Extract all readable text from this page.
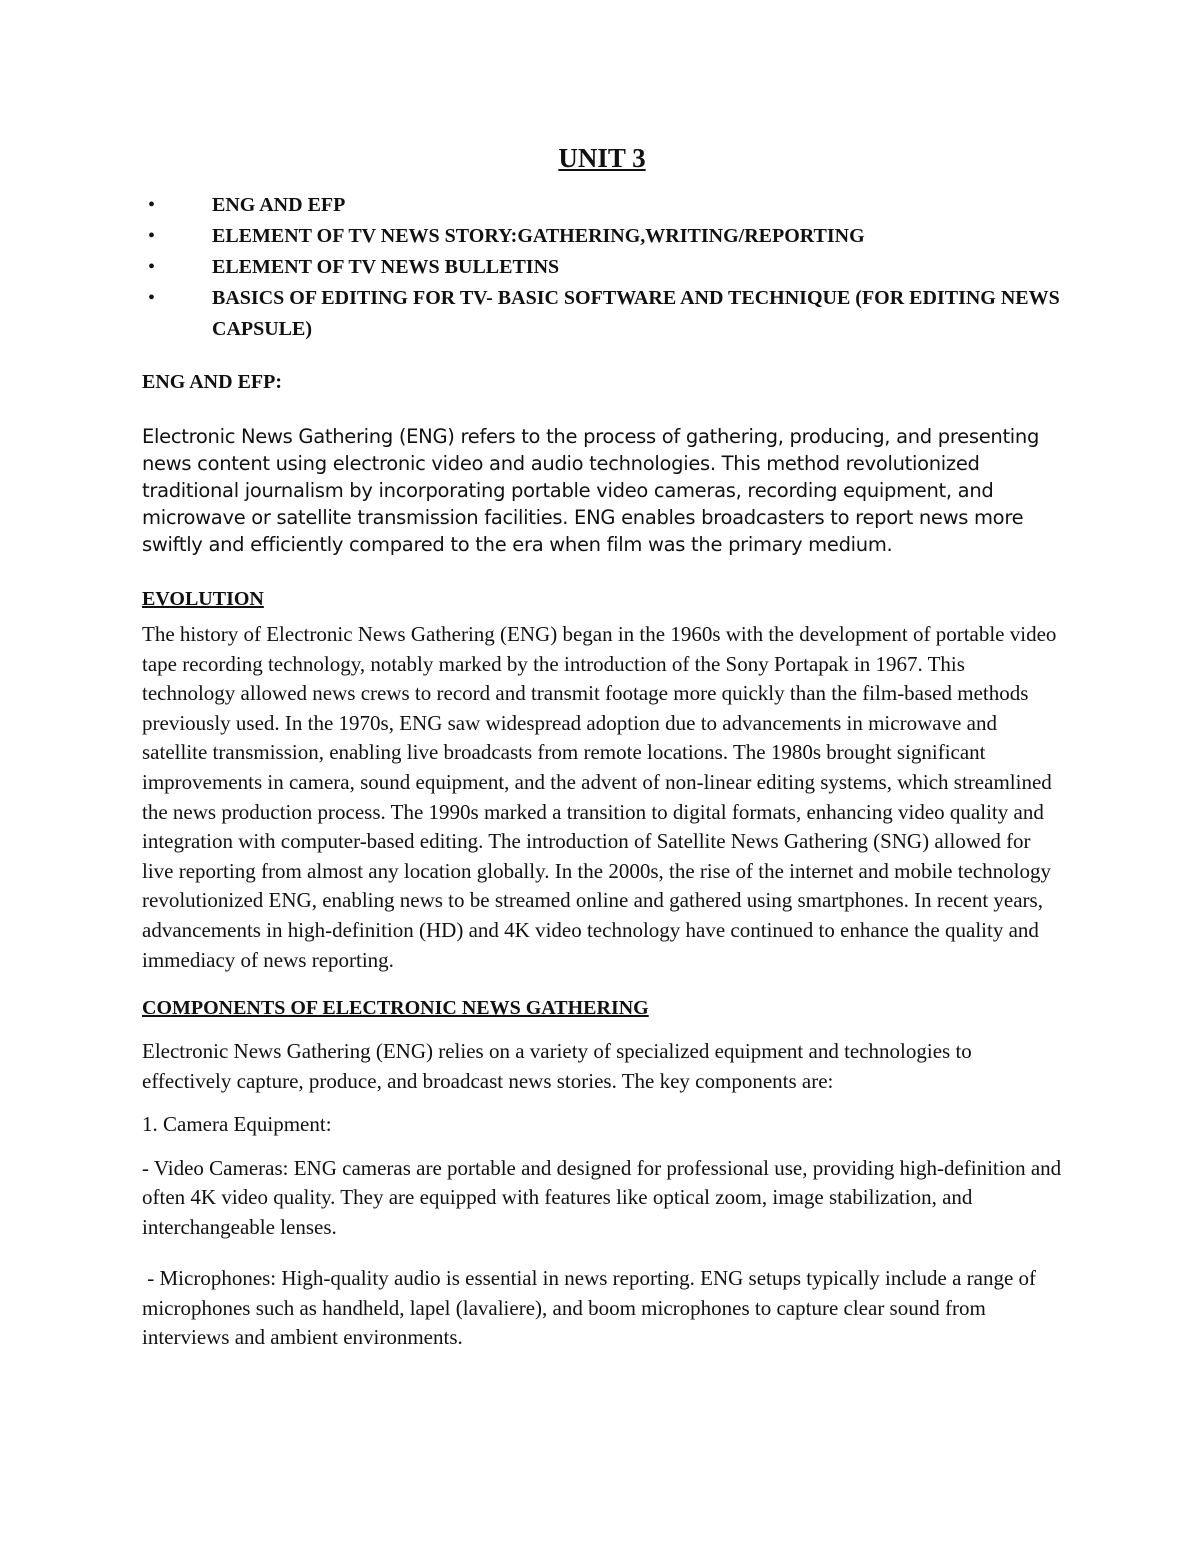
UNIT 3
•	ENG AND EFP
•	ELEMENT OF TV NEWS STORY:GATHERING,WRITING/REPORTING
•	ELEMENT OF TV NEWS BULLETINS
•	BASICS OF EDITING FOR TV- BASIC SOFTWARE AND TECHNIQUE (FOR EDITING NEWS CAPSULE)
ENG AND EFP:

Electronic News Gathering (ENG) refers to the process of gathering, producing, and presenting news content using electronic video and audio technologies. This method revolutionized traditional journalism by incorporating portable video cameras, recording equipment, and microwave or satellite transmission facilities. ENG enables broadcasters to report news more swiftly and efficiently compared to the era when film was the primary medium.

EVOLUTION

The history of Electronic News Gathering (ENG) began in the 1960s with the development of portable video tape recording technology, notably marked by the introduction of the Sony Portapak in 1967. This technology allowed news crews to record and transmit footage more quickly than the film-based methods previously used. In the 1970s, ENG saw widespread adoption due to advancements in microwave and satellite transmission, enabling live broadcasts from remote locations. The 1980s brought significant improvements in camera, sound equipment, and the advent of non-linear editing systems, which streamlined the news production process. The 1990s marked a transition to digital formats, enhancing video quality and integration with computer-based editing. The introduction of Satellite News Gathering (SNG) allowed for live reporting from almost any location globally. In the 2000s, the rise of the internet and mobile technology revolutionized ENG, enabling news to be streamed online and gathered using smartphones. In recent years, advancements in high-definition (HD) and 4K video technology have continued to enhance the quality and immediacy of news reporting.

COMPONENTS OF ELECTRONIC NEWS GATHERING

Electronic News Gathering (ENG) relies on a variety of specialized equipment and technologies to effectively capture, produce, and broadcast news stories. The key components are:

1. Camera Equipment:

- Video Cameras: ENG cameras are portable and designed for professional use, providing high-definition and often 4K video quality. They are equipped with features like optical zoom, image stabilization, and interchangeable lenses.

- Microphones: High-quality audio is essential in news reporting. ENG setups typically include a range of microphones such as handheld, lapel (lavaliere), and boom microphones to capture clear sound from interviews and ambient environments.
